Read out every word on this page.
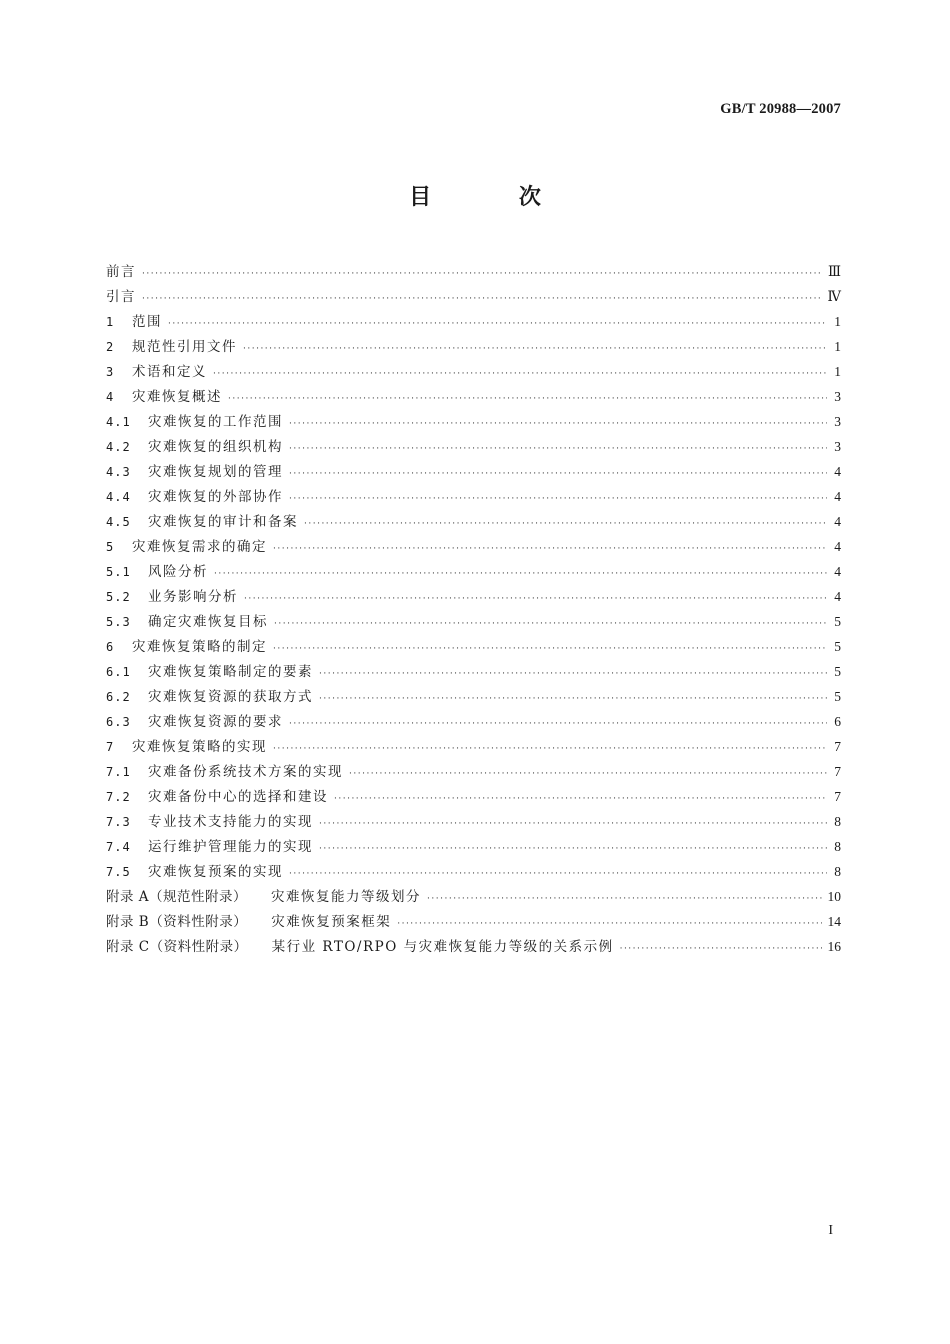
GB/T 20988—2007
目 次
前言 ·····	Ⅲ
引言 ·····	Ⅳ
1	范围 ·····	1
2	规范性引用文件 ·····	1
3	术语和定义 ·····	1
4	灾难恢复概述 ·····	3
4.1	灾难恢复的工作范围 ·····	3
4.2	灾难恢复的组织机构 ·····	3
4.3	灾难恢复规划的管理 ·····	4
4.4	灾难恢复的外部协作 ·····	4
4.5	灾难恢复的审计和备案 ·····	4
5	灾难恢复需求的确定 ·····	4
5.1	风险分析 ·····	4
5.2	业务影响分析 ·····	4
5.3	确定灾难恢复目标 ·····	5
6	灾难恢复策略的制定 ·····	5
6.1	灾难恢复策略制定的要素 ·····	5
6.2	灾难恢复资源的获取方式 ·····	5
6.3	灾难恢复资源的要求 ·····	6
7	灾难恢复策略的实现 ·····	7
7.1	灾难备份系统技术方案的实现 ·····	7
7.2	灾难备份中心的选择和建设 ·····	7
7.3	专业技术支持能力的实现 ·····	8
7.4	运行维护管理能力的实现 ·····	8
7.5	灾难恢复预案的实现 ·····	8
附录 A（规范性附录） 灾难恢复能力等级划分 ·····	10
附录 B（资料性附录） 灾难恢复预案框架 ·····	14
附录 C（资料性附录） 某行业 RTO/RPO 与灾难恢复能力等级的关系示例 ·····	16
I
